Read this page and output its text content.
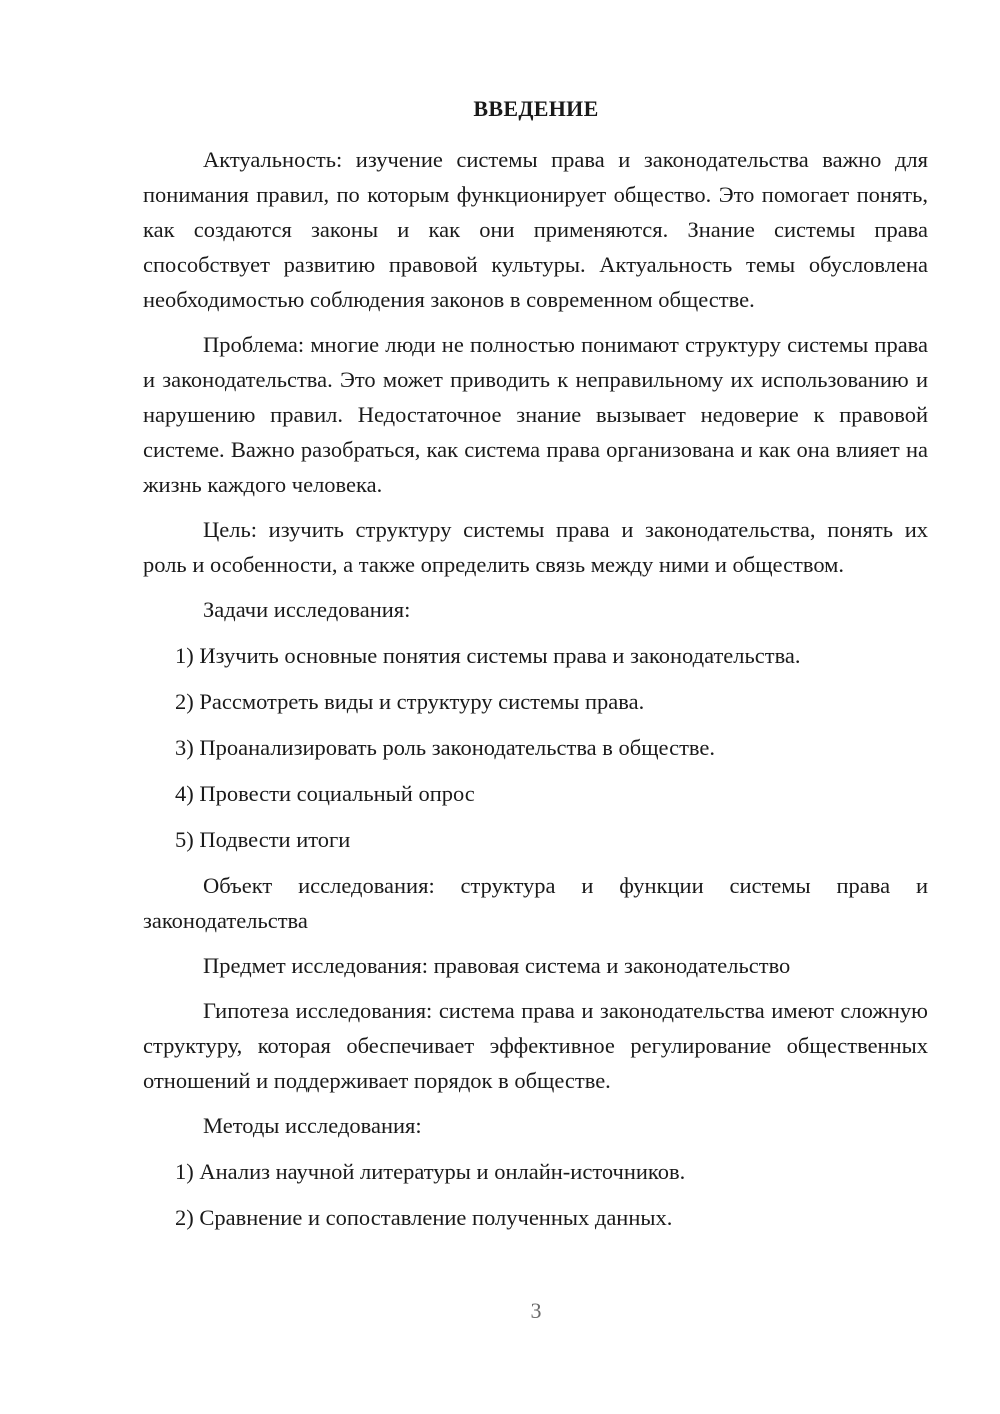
ВВЕДЕНИЕ

Актуальность: изучение системы права и законодательства важно для понимания правил, по которым функционирует общество. Это помогает понять, как создаются законы и как они применяются. Знание системы права способствует развитию правовой культуры. Актуальность темы обусловлена необходимостью соблюдения законов в современном обществе.

Проблема: многие люди не полностью понимают структуру системы права и законодательства. Это может приводить к неправильному их использованию и нарушению правил. Недостаточное знание вызывает недоверие к правовой системе. Важно разобраться, как система права организована и как она влияет на жизнь каждого человека.

Цель: изучить структуру системы права и законодательства, понять их роль и особенности, а также определить связь между ними и обществом.

Задачи исследования:

1) Изучить основные понятия системы права и законодательства.

2) Рассмотреть виды и структуру системы права.

3) Проанализировать роль законодательства в обществе.

4) Провести социальный опрос

5) Подвести итоги

Объект исследования: структура и функции системы права и законодательства

Предмет исследования: правовая система и законодательство

Гипотеза исследования: система права и законодательства имеют сложную структуру, которая обеспечивает эффективное регулирование общественных отношений и поддерживает порядок в обществе.

Методы исследования:

1) Анализ научной литературы и онлайн-источников.

2) Сравнение и сопоставление полученных данных.

3
